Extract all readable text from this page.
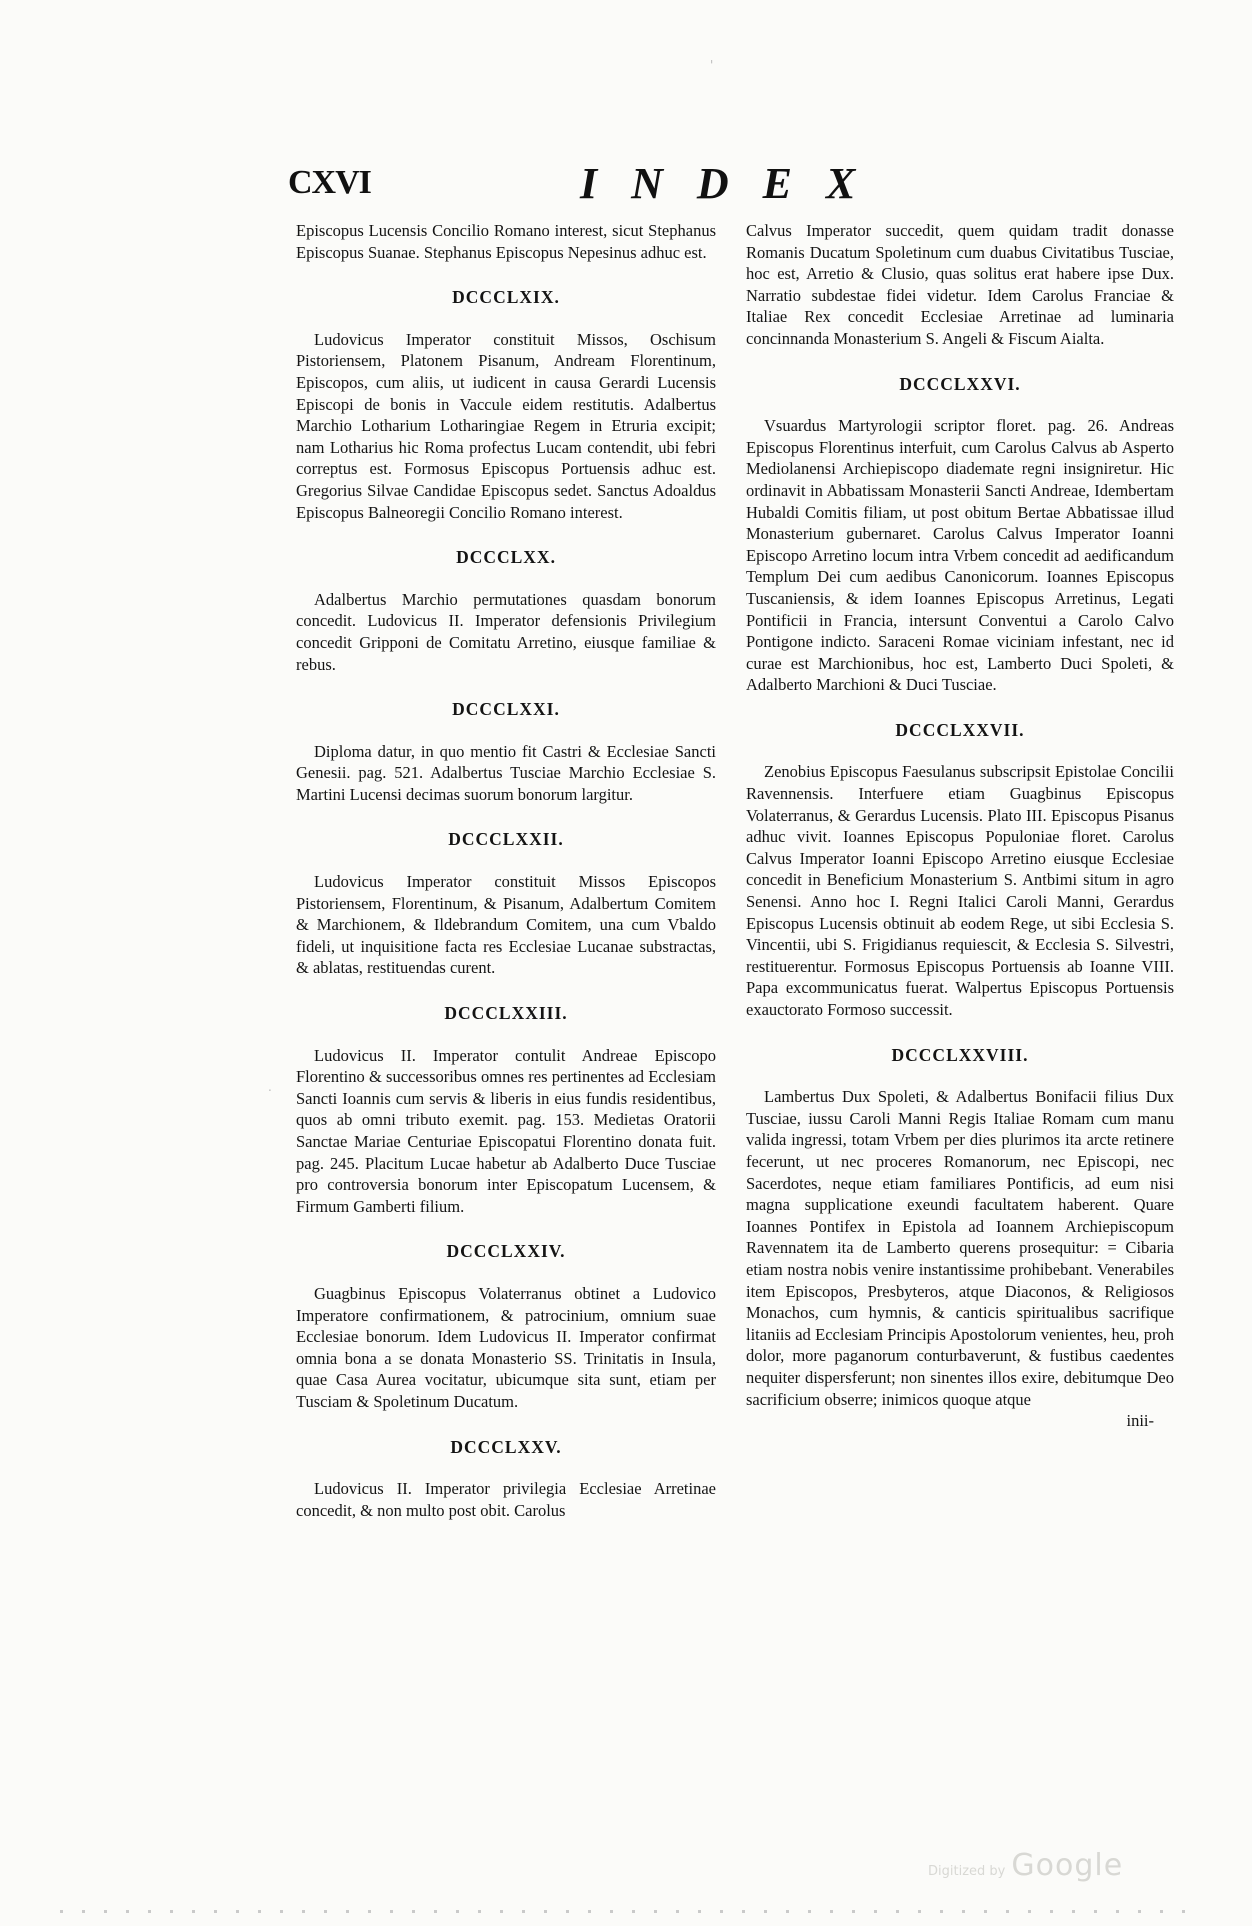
'
.
CXVI	INDEX

Episcopus Lucensis Concilio Romano interest, sicut Stephanus Episcopus Suanae. Stephanus Episcopus Nepesinus adhuc est.

DCCCLXIX.

Ludovicus Imperator constituit Missos, Oschisum Pistoriensem, Platonem Pisanum, Andream Florentinum, Episcopos, cum aliis, ut iudicent in causa Gerardi Lucensis Episcopi de bonis in Vaccule eidem restitutis. Adalbertus Marchio Lotharium Lotharingiae Regem in Etruria excipit; nam Lotharius hic Roma profectus Lucam contendit, ubi febri correptus est. Formosus Episcopus Portuensis adhuc est. Gregorius Silvae Candidae Episcopus sedet. Sanctus Adoaldus Episcopus Balneoregii Concilio Romano interest.

DCCCLXX.

Adalbertus Marchio permutationes quasdam bonorum concedit. Ludovicus II. Imperator defensionis Privilegium concedit Gripponi de Comitatu Arretino, eiusque familiae & rebus.

DCCCLXXI.

Diploma datur, in quo mentio fit Castri & Ecclesiae Sancti Genesii. pag. 521. Adalbertus Tusciae Marchio Ecclesiae S. Martini Lucensi decimas suorum bonorum largitur.

DCCCLXXII.

Ludovicus Imperator constituit Missos Episcopos Pistoriensem, Florentinum, & Pisanum, Adalbertum Comitem & Marchionem, & Ildebrandum Comitem, una cum Vbaldo fideli, ut inquisitione facta res Ecclesiae Lucanae substractas, & ablatas, restituendas curent.

DCCCLXXIII.

Ludovicus II. Imperator contulit Andreae Episcopo Florentino & successoribus omnes res pertinentes ad Ecclesiam Sancti Ioannis cum servis & liberis in eius fundis residentibus, quos ab omni tributo exemit. pag. 153. Medietas Oratorii Sanctae Mariae Centuriae Episcopatui Florentino donata fuit. pag. 245. Placitum Lucae habetur ab Adalberto Duce Tusciae pro controversia bonorum inter Episcopatum Lucensem, & Firmum Gamberti filium.

DCCCLXXIV.

Guagbinus Episcopus Volaterranus obtinet a Ludovico Imperatore confirmationem, & patrocinium, omnium suae Ecclesiae bonorum. Idem Ludovicus II. Imperator confirmat omnia bona a se donata Monasterio SS. Trinitatis in Insula, quae Casa Aurea vocitatur, ubicumque sita sunt, etiam per Tusciam & Spoletinum Ducatum.

DCCCLXXV.

Ludovicus II. Imperator privilegia Ecclesiae Arretinae concedit, & non multo post obit. Carolus

Calvus Imperator succedit, quem quidam tradit donasse Romanis Ducatum Spoletinum cum duabus Civitatibus Tusciae, hoc est, Arretio & Clusio, quas solitus erat habere ipse Dux. Narratio subdestae fidei videtur. Idem Carolus Franciae & Italiae Rex concedit Ecclesiae Arretinae ad luminaria concinnanda Monasterium S. Angeli & Fiscum Aialta.

DCCCLXXVI.

Vsuardus Martyrologii scriptor floret. pag. 26. Andreas Episcopus Florentinus interfuit, cum Carolus Calvus ab Asperto Mediolanensi Archiepiscopo diademate regni insigniretur. Hic ordinavit in Abbatissam Monasterii Sancti Andreae, Idembertam Hubaldi Comitis filiam, ut post obitum Bertae Abbatissae illud Monasterium gubernaret. Carolus Calvus Imperator Ioanni Episcopo Arretino locum intra Vrbem concedit ad aedificandum Templum Dei cum aedibus Canonicorum. Ioannes Episcopus Tuscaniensis, & idem Ioannes Episcopus Arretinus, Legati Pontificii in Francia, intersunt Conventui a Carolo Calvo Pontigone indicto. Saraceni Romae viciniam infestant, nec id curae est Marchionibus, hoc est, Lamberto Duci Spoleti, & Adalberto Marchioni & Duci Tusciae.

DCCCLXXVII.

Zenobius Episcopus Faesulanus subscripsit Epistolae Concilii Ravennensis. Interfuere etiam Guagbinus Episcopus Volaterranus, & Gerardus Lucensis. Plato III. Episcopus Pisanus adhuc vivit. Ioannes Episcopus Populoniae floret. Carolus Calvus Imperator Ioanni Episcopo Arretino eiusque Ecclesiae concedit in Beneficium Monasterium S. Antbimi situm in agro Senensi. Anno hoc I. Regni Italici Caroli Manni, Gerardus Episcopus Lucensis obtinuit ab eodem Rege, ut sibi Ecclesia S. Vincentii, ubi S. Frigidianus requiescit, & Ecclesia S. Silvestri, restituerentur. Formosus Episcopus Portuensis ab Ioanne VIII. Papa excommunicatus fuerat. Walpertus Episcopus Portuensis exauctorato Formoso successit.

DCCCLXXVIII.

Lambertus Dux Spoleti, & Adalbertus Bonifacii filius Dux Tusciae, iussu Caroli Manni Regis Italiae Romam cum manu valida ingressi, totam Vrbem per dies plurimos ita arcte retinere fecerunt, ut nec proceres Romanorum, nec Episcopi, nec Sacerdotes, neque etiam familiares Pontificis, ad eum nisi magna supplicatione exeundi facultatem haberent. Quare Ioannes Pontifex in Epistola ad Ioannem Archiepiscopum Ravennatem ita de Lamberto querens prosequitur: = Cibaria etiam nostra nobis venire instantissime prohibebant. Venerabiles item Episcopos, Presbyteros, atque Diaconos, & Religiosos Monachos, cum hymnis, & canticis spiritualibus sacrifique litaniis ad Ecclesiam Principis Apostolorum venientes, heu, proh dolor, more paganorum conturbaverunt, & fustibus caedentes nequiter dispersferunt; non sinentes illos exire, debitumque Deo sacrificium obserre; inimicos quoque atque

inii-

Digitized by Google
